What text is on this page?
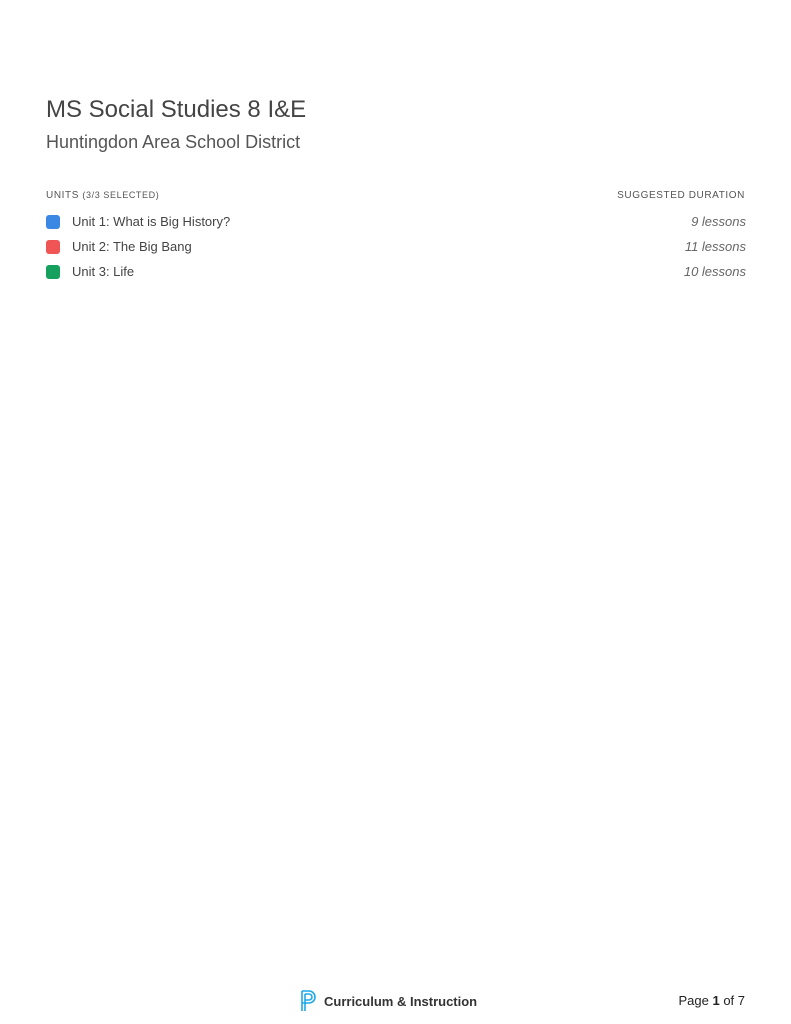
MS Social Studies 8 I&E
Huntingdon Area School District
UNITS (3/3 SELECTED)	SUGGESTED DURATION
Unit 1: What is Big History?	9 lessons
Unit 2: The Big Bang	11 lessons
Unit 3: Life	10 lessons
Curriculum & Instruction	Page 1 of 7
